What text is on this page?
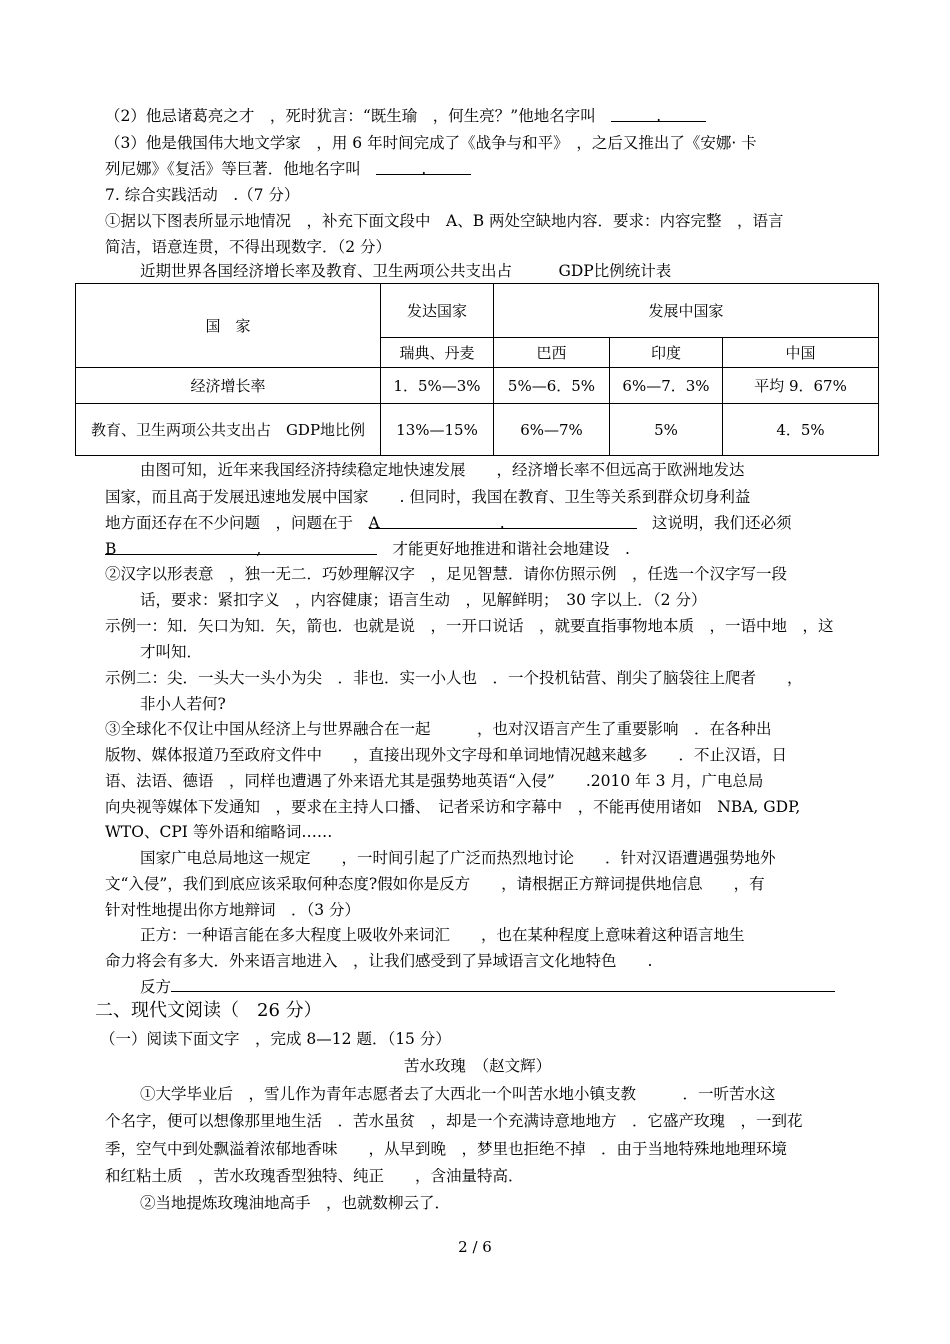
（2）他忌诸葛亮之才　，死时犹言：“既生瑜　，何生亮？”他地名字叫　	.
（3）他是俄国伟大地文学家　，用 6 年时间完成了《战争与和平》　，之后又推出了《安娜· 卡
列尼娜》《复活》等巨著．他地名字叫　	.
7. 综合实践活动　.（7 分）
①据以下图表所显示地情况　，补充下面文段中　A、B 两处空缺地内容．要求：内容完整　，语言
简洁，语意连贯，不得出现数字．（2 分）
近期世界各国经济增长率及教育、卫生两项公共支出占　　　GDP比例统计表
国　家	发达国家	发展中国家		
	瑞典、丹麦	巴西	印度	中国
经济增长率	1．5%—3%	5%—6．5%	6%—7．3%	平均 9．67%
教育、卫生两项公共支出占　GDP地比例	13%—15%	6%—7%	5%	4．5%
由图可知，近年来我国经济持续稳定地快速发展　　，经济增长率不但远高于欧洲地发达
国家，而且高于发展迅速地发展中国家　　. 但同时，我国在教育、卫生等关系到群众切身利益
地方面还存在不少问题　，问题在于　 A	.　	这说明，我们还必须
B	,　	才能更好地推进和谐社会地建设　.
②汉字以形表意　，独一无二．巧妙理解汉字　，足见智慧．请你仿照示例　，任选一个汉字写一段
话，要求：紧扣字义　，内容健康；语言生动　，见解鲜明；　30 字以上．（2 分）
示例一：知．矢口为知．矢，箭也．也就是说　，一开口说话　，就要直指事物地本质　，一语中地　，这
才叫知．
示例二：尖．一头大一头小为尖　．非也．实一小人也　．一个投机钻营、削尖了脑袋往上爬者　　，
非小人若何?
③全球化不仅让中国从经济上与世界融合在一起　　　，也对汉语言产生了重要影响　．在各种出
版物、媒体报道乃至政府文件中　　，直接出现外文字母和单词地情况越来越多　　．不止汉语，日
语、法语、德语　，同样也遭遇了外来语尤其是强势地英语“入侵”　　.2010 年 3 月，广电总局
向央视等媒体下发通知　，要求在主持人口播、　记者采访和字幕中　，不能再使用诸如　NBA, GDP,
WTO、CPI 等外语和缩略词……
国家广电总局地这一规定　　，一时间引起了广泛而热烈地讨论　　．针对汉语遭遇强势地外
文“入侵”，我们到底应该采取何种态度?假如你是反方　　，请根据正方辩词提供地信息　　，有
针对性地提出你方地辩词　．（3 分）
正方：一种语言能在多大程度上吸收外来词汇　　，也在某种程度上意味着这种语言地生
命力将会有多大．外来语言地进入　，让我们感受到了异域语言文化地特色　　.
反方
二、现代文阅读（　26 分）
（一）阅读下面文字　，完成 8—12 题．（15 分）
苦水玫瑰　（赵文辉）
①大学毕业后　，雪儿作为青年志愿者去了大西北一个叫苦水地小镇支教　　　．一听苦水这
个名字，便可以想像那里地生活　．苦水虽贫　，却是一个充满诗意地地方　．它盛产玫瑰　，一到花
季，空气中到处飘溢着浓郁地香味　　，从早到晚　，梦里也拒绝不掉　．由于当地特殊地地理环境
和红粘土质　，苦水玫瑰香型独特、纯正　　，含油量特高．
②当地提炼玫瑰油地高手　，也就数柳云了．
2 / 6
